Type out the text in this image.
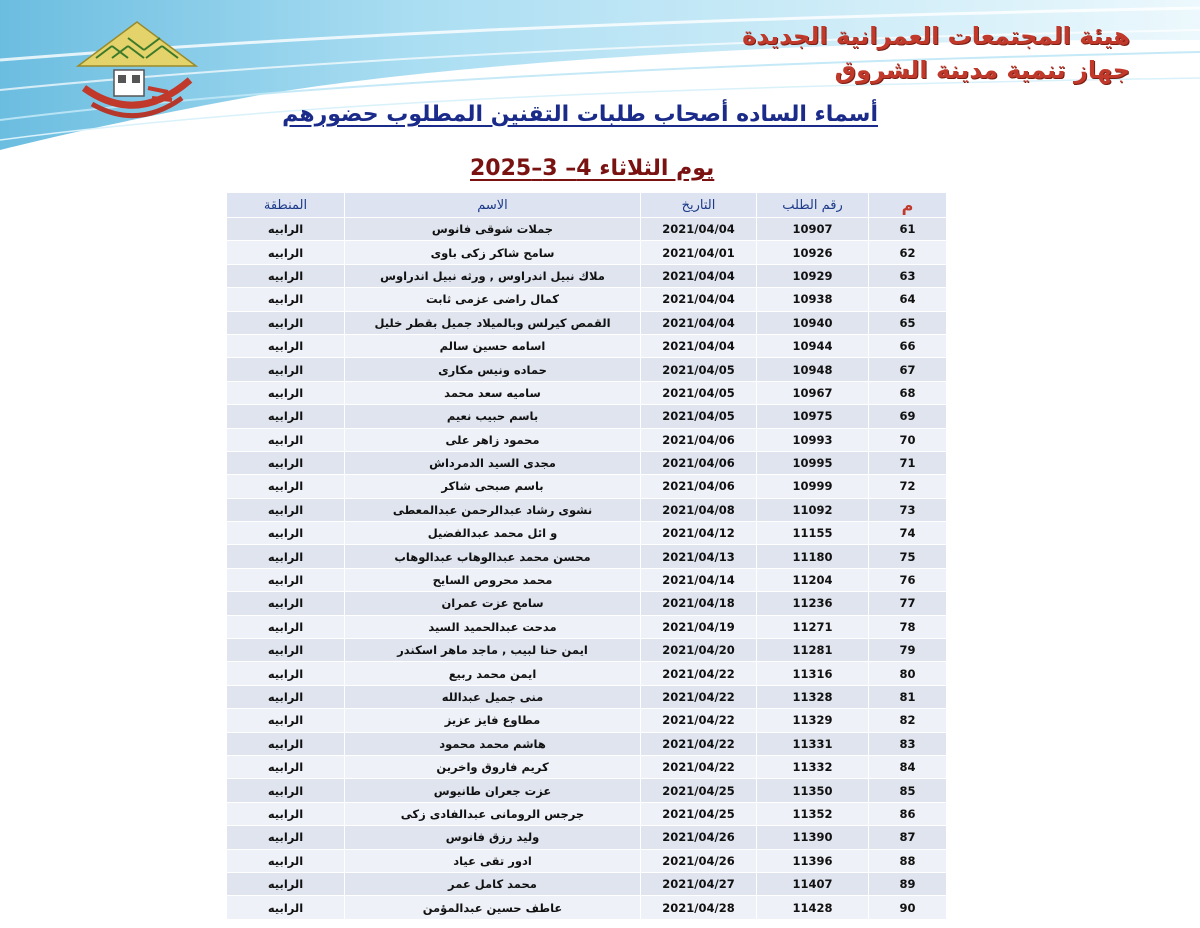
هيئة المجتمعات العمرانية الجديدة
جهاز تنمية مدينة الشروق
أسماء الساده أصحاب طلبات التقنين المطلوب حضورهم
يوم الثلاثاء 4– 3–2025
م	رقم الطلب	التاريخ	الاسم	المنطقة
61	10907	2021/04/04	جملات شوقى فانوس	الرابيه
62	10926	2021/04/01	سامح شاكر زكى باوى	الرابيه
63	10929	2021/04/04	ملاك نبيل اندراوس , ورثه نبيل اندراوس	الرابيه
64	10938	2021/04/04	كمال راضى عزمى ثابت	الرابيه
65	10940	2021/04/04	القمص كيرلس وبالميلاد جميل بقطر خليل	الرابيه
66	10944	2021/04/04	اسامه حسين سالم	الرابيه
67	10948	2021/04/05	حماده ونيس مكارى	الرابيه
68	10967	2021/04/05	ساميه سعد محمد	الرابيه
69	10975	2021/04/05	باسم حبيب نعيم	الرابيه
70	10993	2021/04/06	محمود زاهر على	الرابيه
71	10995	2021/04/06	مجدى السيد الدمرداش	الرابيه
72	10999	2021/04/06	باسم صبحى شاكر	الرابيه
73	11092	2021/04/08	نشوى رشاد عبدالرحمن عبدالمعطى	الرابيه
74	11155	2021/04/12	و ائل محمد عبدالفضيل	الرابيه
75	11180	2021/04/13	محسن محمد عبدالوهاب عبدالوهاب	الرابيه
76	11204	2021/04/14	محمد محروص السايح	الرابيه
77	11236	2021/04/18	سامح عزت عمران	الرابيه
78	11271	2021/04/19	مدحت عبدالحميد السيد	الرابيه
79	11281	2021/04/20	ايمن حنا لبيب , ماجد ماهر اسكندر	الرابيه
80	11316	2021/04/22	ايمن محمد ربيع	الرابيه
81	11328	2021/04/22	منى جميل عبدالله	الرابيه
82	11329	2021/04/22	مطاوع فايز عزيز	الرابيه
83	11331	2021/04/22	هاشم محمد محمود	الرابيه
84	11332	2021/04/22	كريم فاروق واخرين	الرابيه
85	11350	2021/04/25	عزت جعران طانيوس	الرابيه
86	11352	2021/04/25	جرجس الرومانى عبدالفادى زكى	الرابيه
87	11390	2021/04/26	وليد رزق فانوس	الرابيه
88	11396	2021/04/26	ادور تقى عياد	الرابيه
89	11407	2021/04/27	محمد كامل عمر	الرابيه
90	11428	2021/04/28	عاطف حسين عبدالمؤمن	الرابيه
